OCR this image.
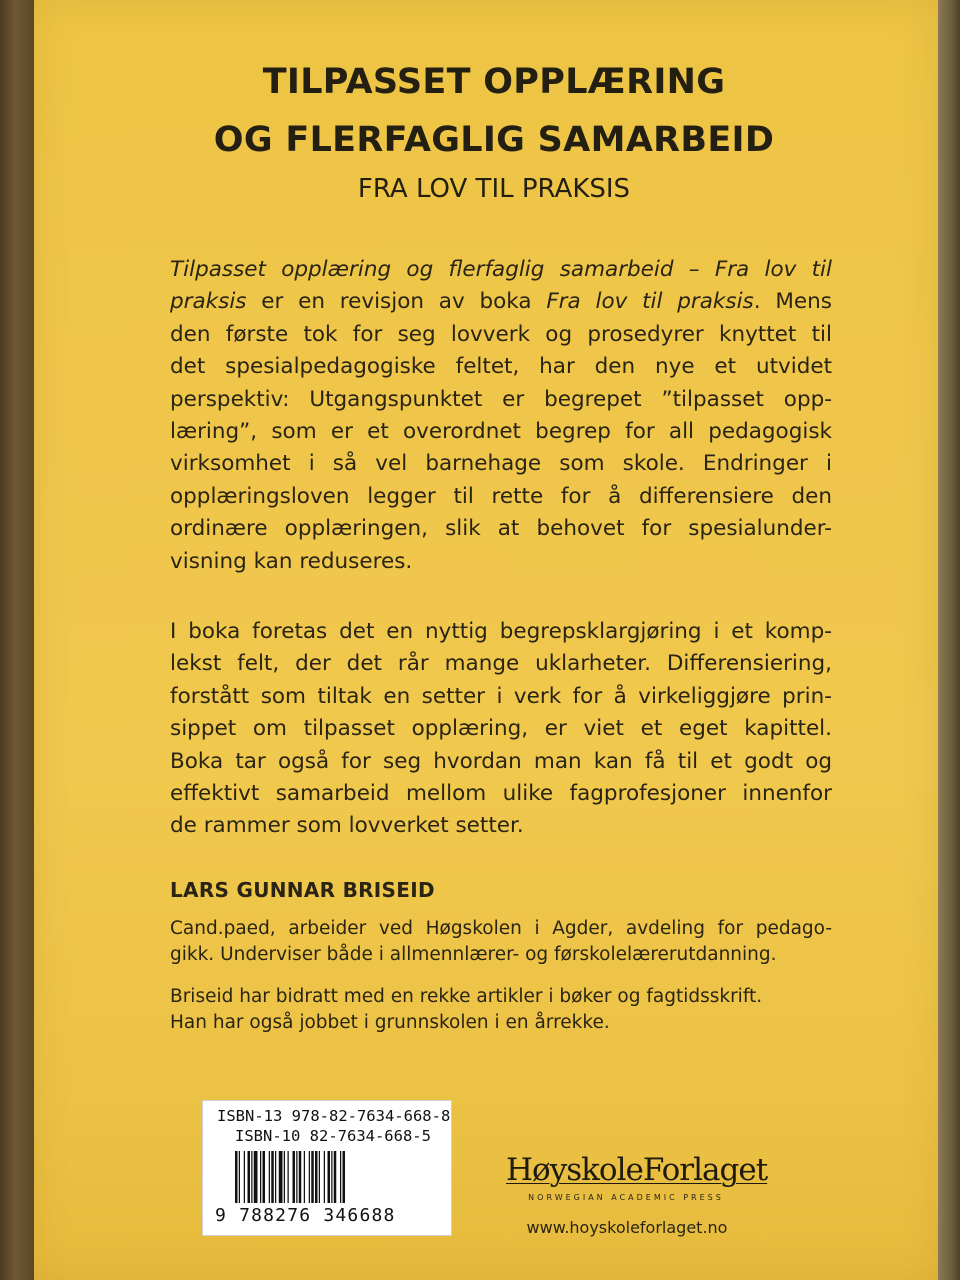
TILPASSET OPPLÆRING
OG FLERFAGLIG SAMARBEID
FRA LOV TIL PRAKSIS
Tilpasset opplæring og flerfaglig samarbeid – Fra lov til
praksis er en revisjon av boka Fra lov til praksis. Mens
den første tok for seg lovverk og prosedyrer knyttet til
det spesialpedagogiske feltet, har den nye et utvidet
perspektiv: Utgangspunktet er begrepet ”tilpasset opp-
læring”, som er et overordnet begrep for all pedagogisk
virksomhet i så vel barnehage som skole. Endringer i
opplæringsloven legger til rette for å differensiere den
ordinære opplæringen, slik at behovet for spesialunder-
visning kan reduseres.
I boka foretas det en nyttig begrepsklargjøring i et komp-
lekst felt, der det rår mange uklarheter. Differensiering,
forstått som tiltak en setter i verk for å virkeliggjøre prin-
sippet om tilpasset opplæring, er viet et eget kapittel.
Boka tar også for seg hvordan man kan få til et godt og
effektivt samarbeid mellom ulike fagprofesjoner innenfor
de rammer som lovverket setter.
LARS GUNNAR BRISEID
Cand.paed, arbeider ved Høgskolen i Agder, avdeling for pedago-
gikk. Underviser både i allmennlærer- og førskolelærerutdanning.
Briseid har bidratt med en rekke artikler i bøker og fagtidsskrift.
Han har også jobbet i grunnskolen i en årrekke.
ISBN-13 978-82-7634-668-8
ISBN-10 82-7634-668-5
9 788276 346688
HøyskoleForlaget
NORWEGIAN ACADEMIC PRESS
www.hoyskoleforlaget.no
